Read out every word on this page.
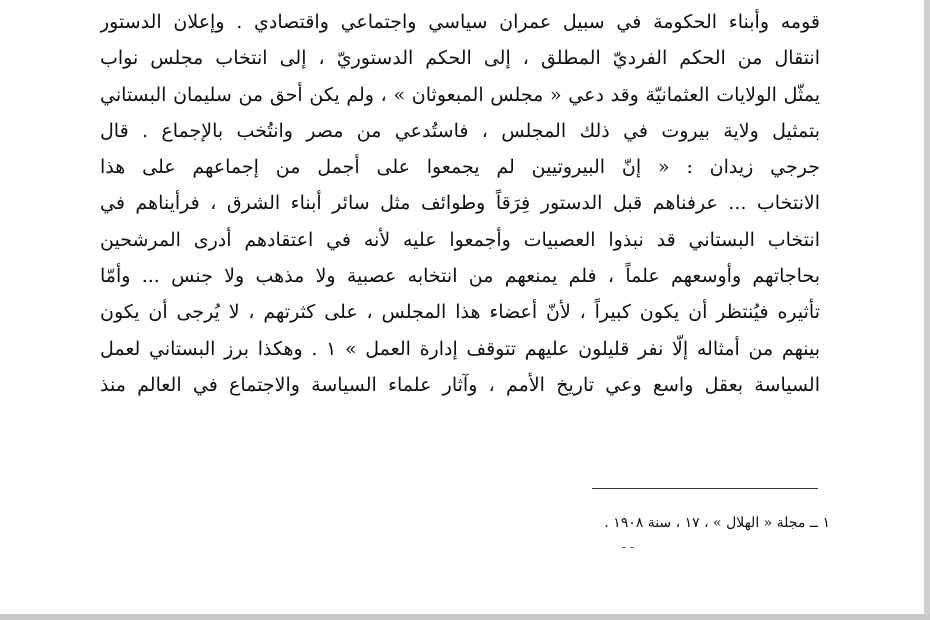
قومه وأبناء الحكومة في سبيل عمران سياسي واجتماعي واقتصادي . وإعلان الدستور
انتقال من الحكم الفرديّ المطلق ، إلى الحكم الدستوريّ ، إلى انتخاب مجلس نواب
يمثّل الولايات العثمانيّة وقد دعي « مجلس المبعوثان » ، ولم يكن أحق من سليمان البستاني
بتمثيل ولاية بيروت في ذلك المجلس ، فاستُدعي من مصر وانتُخب بالإجماع . قال
جرجي زيدان : « إنّ البيروتيين لم يجمعوا على أجمل من إجماعهم على هذا
الانتخاب ... عرفناهم قبل الدستور فِرَقاً وطوائف مثل سائر أبناء الشرق ، فرأيناهم في
انتخاب البستاني قد نبذوا العصبيات وأجمعوا عليه لأنه في اعتقادهم أدرى المرشحين
بحاجاتهم وأوسعهم علماً ، فلم يمنعهم من انتخابه عصبية ولا مذهب ولا جنس ... وأمّا
تأثيره فيُنتظر أن يكون كبيراً ، لأنّ أعضاء هذا المجلس ، على كثرتهم ، لا يُرجى أن يكون
بينهم من أمثاله إلّا نفر قليلون عليهم تتوقف إدارة العمل » ١ . وهكذا برز البستاني لعمل
السياسة بعقل واسع وعي تاريخ الأمم ، وآثار علماء السياسة والاجتماع في العالم منذ
١ ــ مجلة « الهلال » ، ١٧ ، سنة ١٩٠٨ .
- -
